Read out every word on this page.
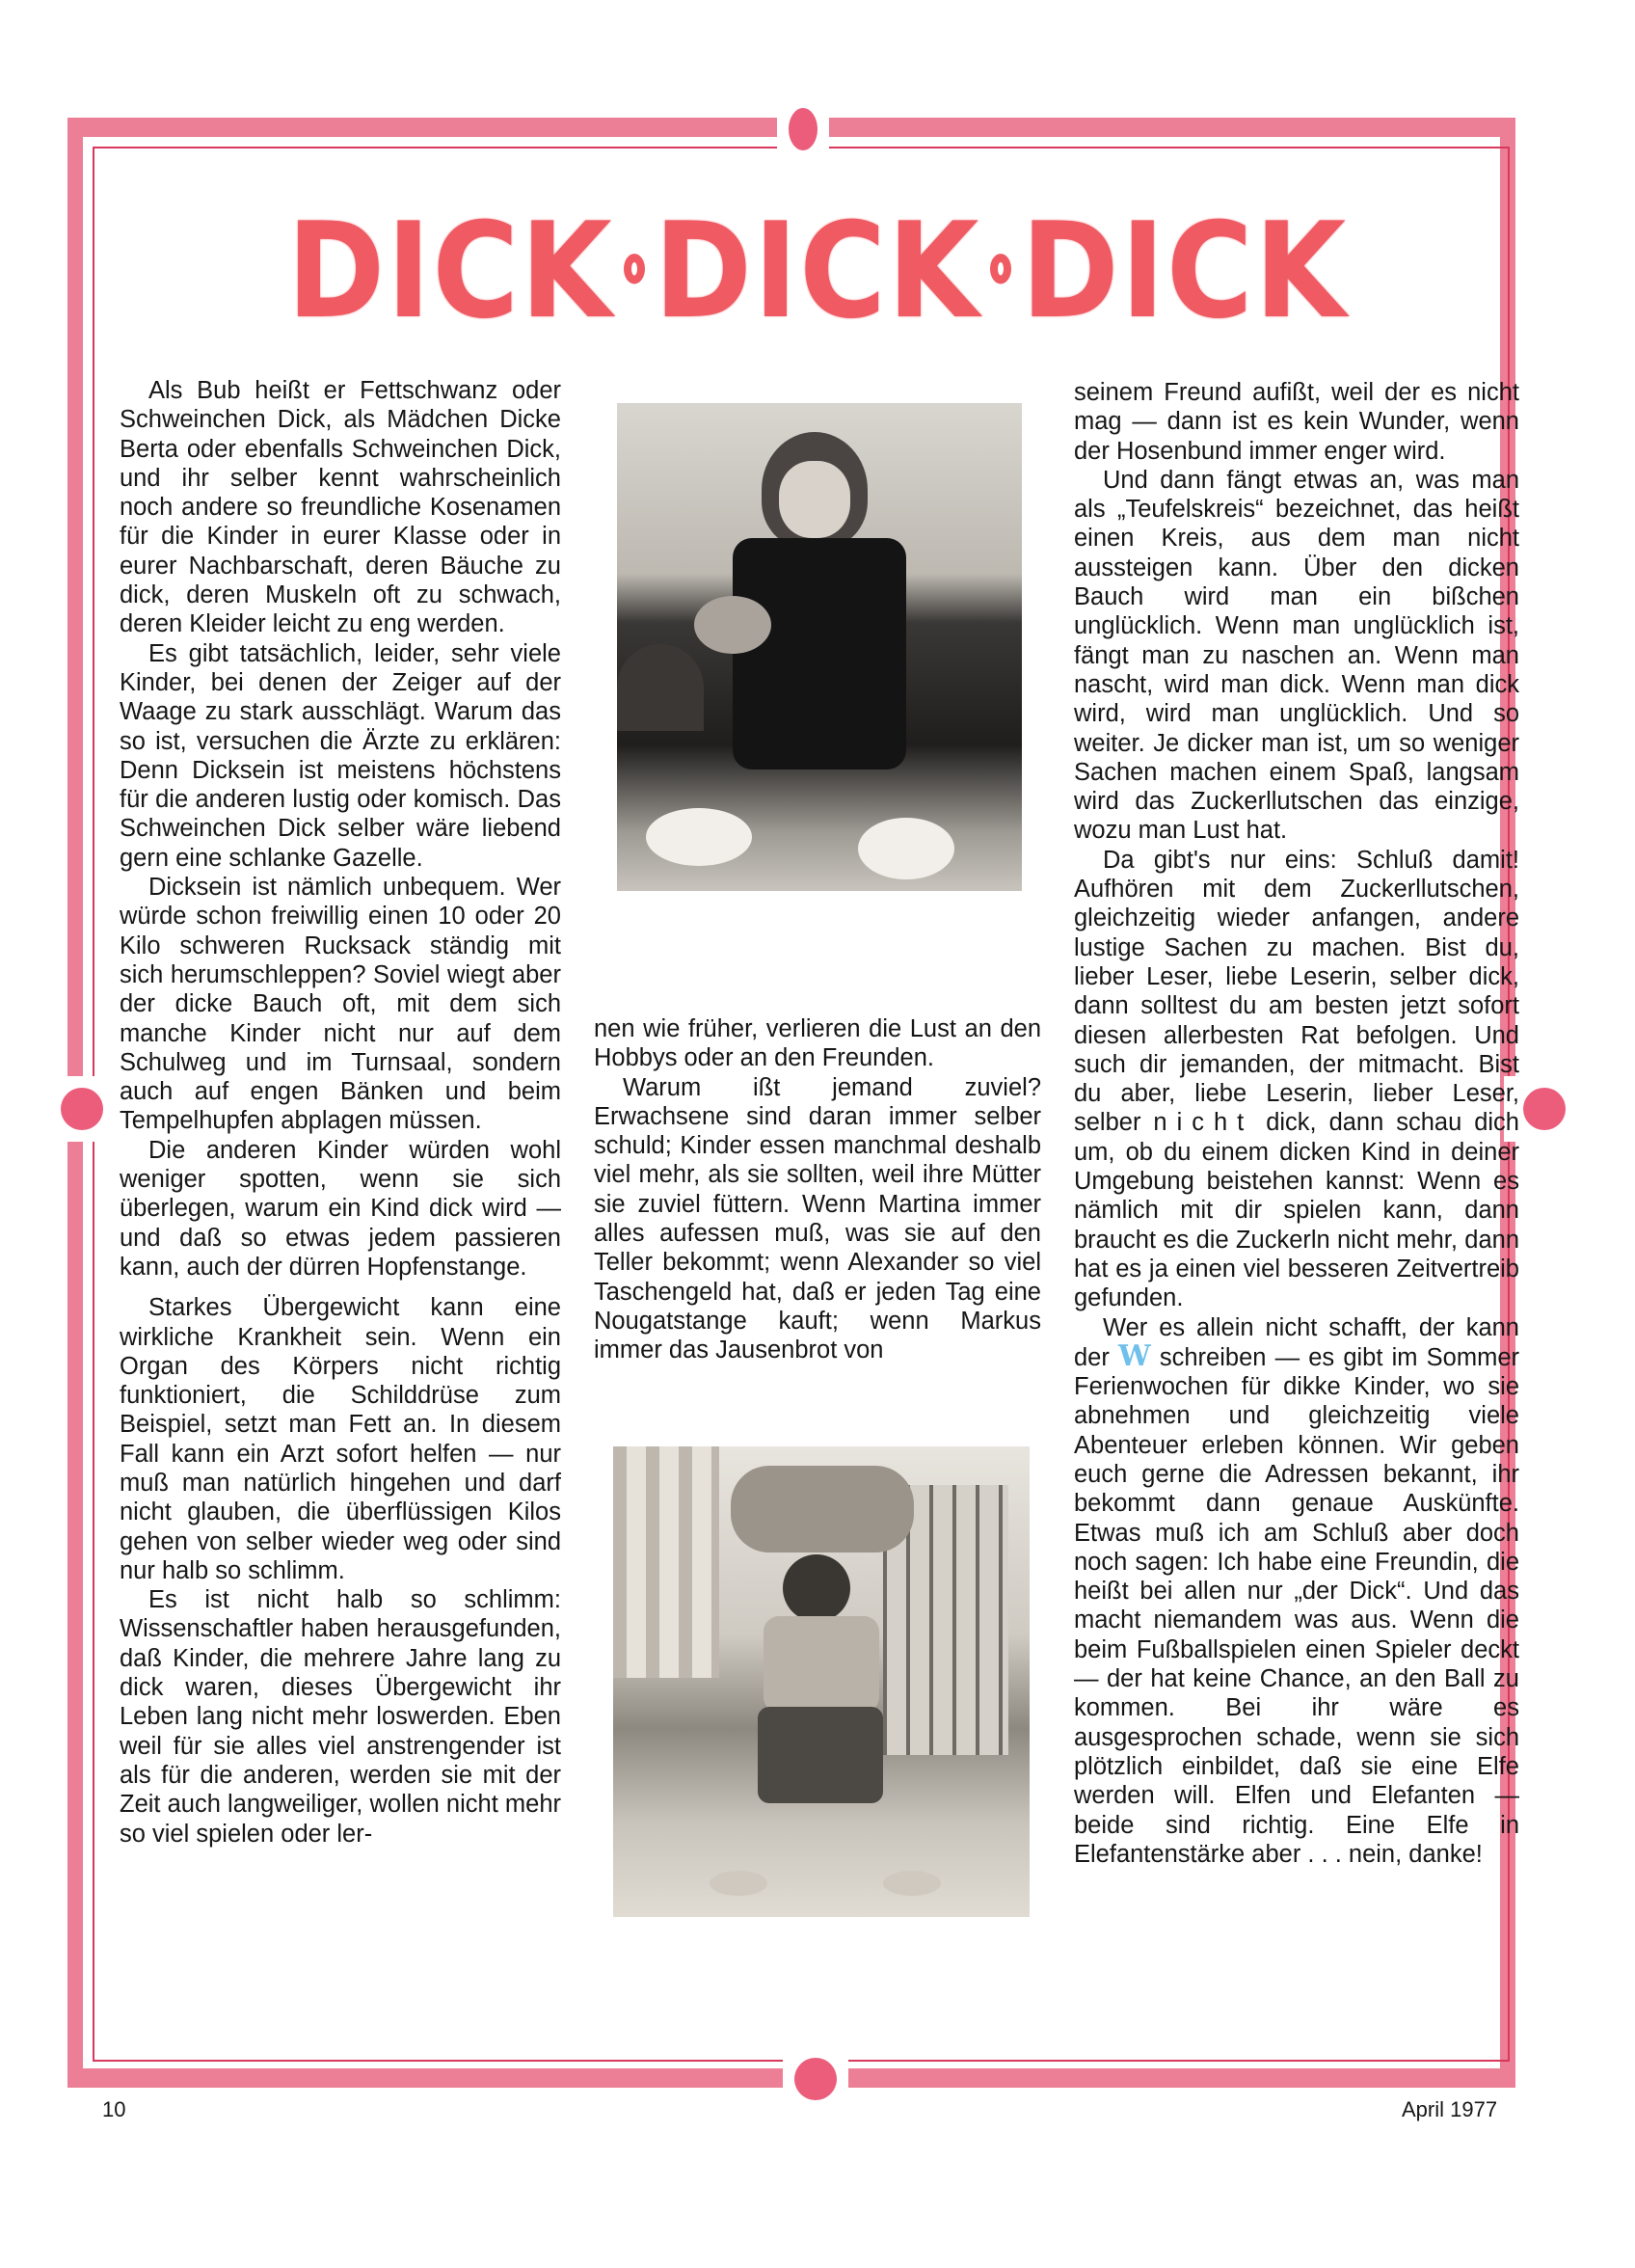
DICK DICK DICK

Als Bub heißt er Fettschwanz oder Schweinchen Dick, als Mädchen Dicke Berta oder ebenfalls Schweinchen Dick, und ihr selber kennt wahrscheinlich noch andere so freundliche Kosenamen für die Kinder in eurer Klasse oder in eurer Nachbarschaft, deren Bäuche zu dick, deren Muskeln oft zu schwach, deren Kleider leicht zu eng werden.

Es gibt tatsächlich, leider, sehr viele Kinder, bei denen der Zeiger auf der Waage zu stark ausschlägt. Warum das so ist, versuchen die Ärzte zu erklären: Denn Dicksein ist meistens höchstens für die anderen lustig oder komisch. Das Schweinchen Dick selber wäre liebend gern eine schlanke Gazelle.

Dicksein ist nämlich unbequem. Wer würde schon freiwillig einen 10 oder 20 Kilo schweren Rucksack ständig mit sich herumschleppen? Soviel wiegt aber der dicke Bauch oft, mit dem sich manche Kinder nicht nur auf dem Schulweg und im Turnsaal, sondern auch auf engen Bänken und beim Tempelhupfen abplagen müssen.

Die anderen Kinder würden wohl weniger spotten, wenn sie sich überlegen, warum ein Kind dick wird — und daß so etwas jedem passieren kann, auch der dürren Hopfenstange.

Starkes Übergewicht kann eine wirkliche Krankheit sein. Wenn ein Organ des Körpers nicht richtig funktioniert, die Schilddrüse zum Beispiel, setzt man Fett an. In diesem Fall kann ein Arzt sofort helfen — nur muß man natürlich hingehen und darf nicht glauben, die überflüssigen Kilos gehen von selber wieder weg oder sind nur halb so schlimm.

Es ist nicht halb so schlimm: Wissenschaftler haben herausgefunden, daß Kinder, die mehrere Jahre lang zu dick waren, dieses Übergewicht ihr Leben lang nicht mehr loswerden. Eben weil für sie alles viel anstrengender ist als für die anderen, werden sie mit der Zeit auch langweiliger, wollen nicht mehr so viel spielen oder ler-

nen wie früher, verlieren die Lust an den Hobbys oder an den Freunden.

Warum ißt jemand zuviel? Erwachsene sind daran immer selber schuld; Kinder essen manchmal deshalb viel mehr, als sie sollten, weil ihre Mütter sie zuviel füttern. Wenn Martina immer alles aufessen muß, was sie auf den Teller bekommt; wenn Alexander so viel Taschengeld hat, daß er jeden Tag eine Nougatstange kauft; wenn Markus immer das Jausenbrot von

seinem Freund aufißt, weil der es nicht mag — dann ist es kein Wunder, wenn der Hosenbund immer enger wird.

Und dann fängt etwas an, was man als „Teufelskreis“ bezeichnet, das heißt einen Kreis, aus dem man nicht aussteigen kann. Über den dicken Bauch wird man ein bißchen unglücklich. Wenn man unglücklich ist, fängt man zu naschen an. Wenn man nascht, wird man dick. Wenn man dick wird, wird man unglücklich. Und so weiter. Je dicker man ist, um so weniger Sachen machen einem Spaß, langsam wird das Zuckerllutschen das einzige, wozu man Lust hat.

Da gibt's nur eins: Schluß damit! Aufhören mit dem Zuckerllutschen, gleichzeitig wieder anfangen, andere lustige Sachen zu machen. Bist du, lieber Leser, liebe Leserin, selber dick, dann solltest du am besten jetzt sofort diesen allerbesten Rat befolgen. Und such dir jemanden, der mitmacht. Bist du aber, liebe Leserin, lieber Leser, selber nicht dick, dann schau dich um, ob du einem dicken Kind in deiner Umgebung beistehen kannst: Wenn es nämlich mit dir spielen kann, dann braucht es die Zuckerln nicht mehr, dann hat es ja einen viel besseren Zeitvertreib gefunden.

Wer es allein nicht schafft, der kann der W schreiben — es gibt im Sommer Ferienwochen für dikke Kinder, wo sie abnehmen und gleichzeitig viele Abenteuer erleben können. Wir geben euch gerne die Adressen bekannt, ihr bekommt dann genaue Auskünfte. Etwas muß ich am Schluß aber doch noch sagen: Ich habe eine Freundin, die heißt bei allen nur „der Dick“. Und das macht niemandem was aus. Wenn die beim Fußballspielen einen Spieler deckt — der hat keine Chance, an den Ball zu kommen. Bei ihr wäre es ausgesprochen schade, wenn sie sich plötzlich einbildet, daß sie eine Elfe werden will. Elfen und Elefanten — beide sind richtig. Eine Elfe in Elefantenstärke aber . . . nein, danke!

10	April 1977
